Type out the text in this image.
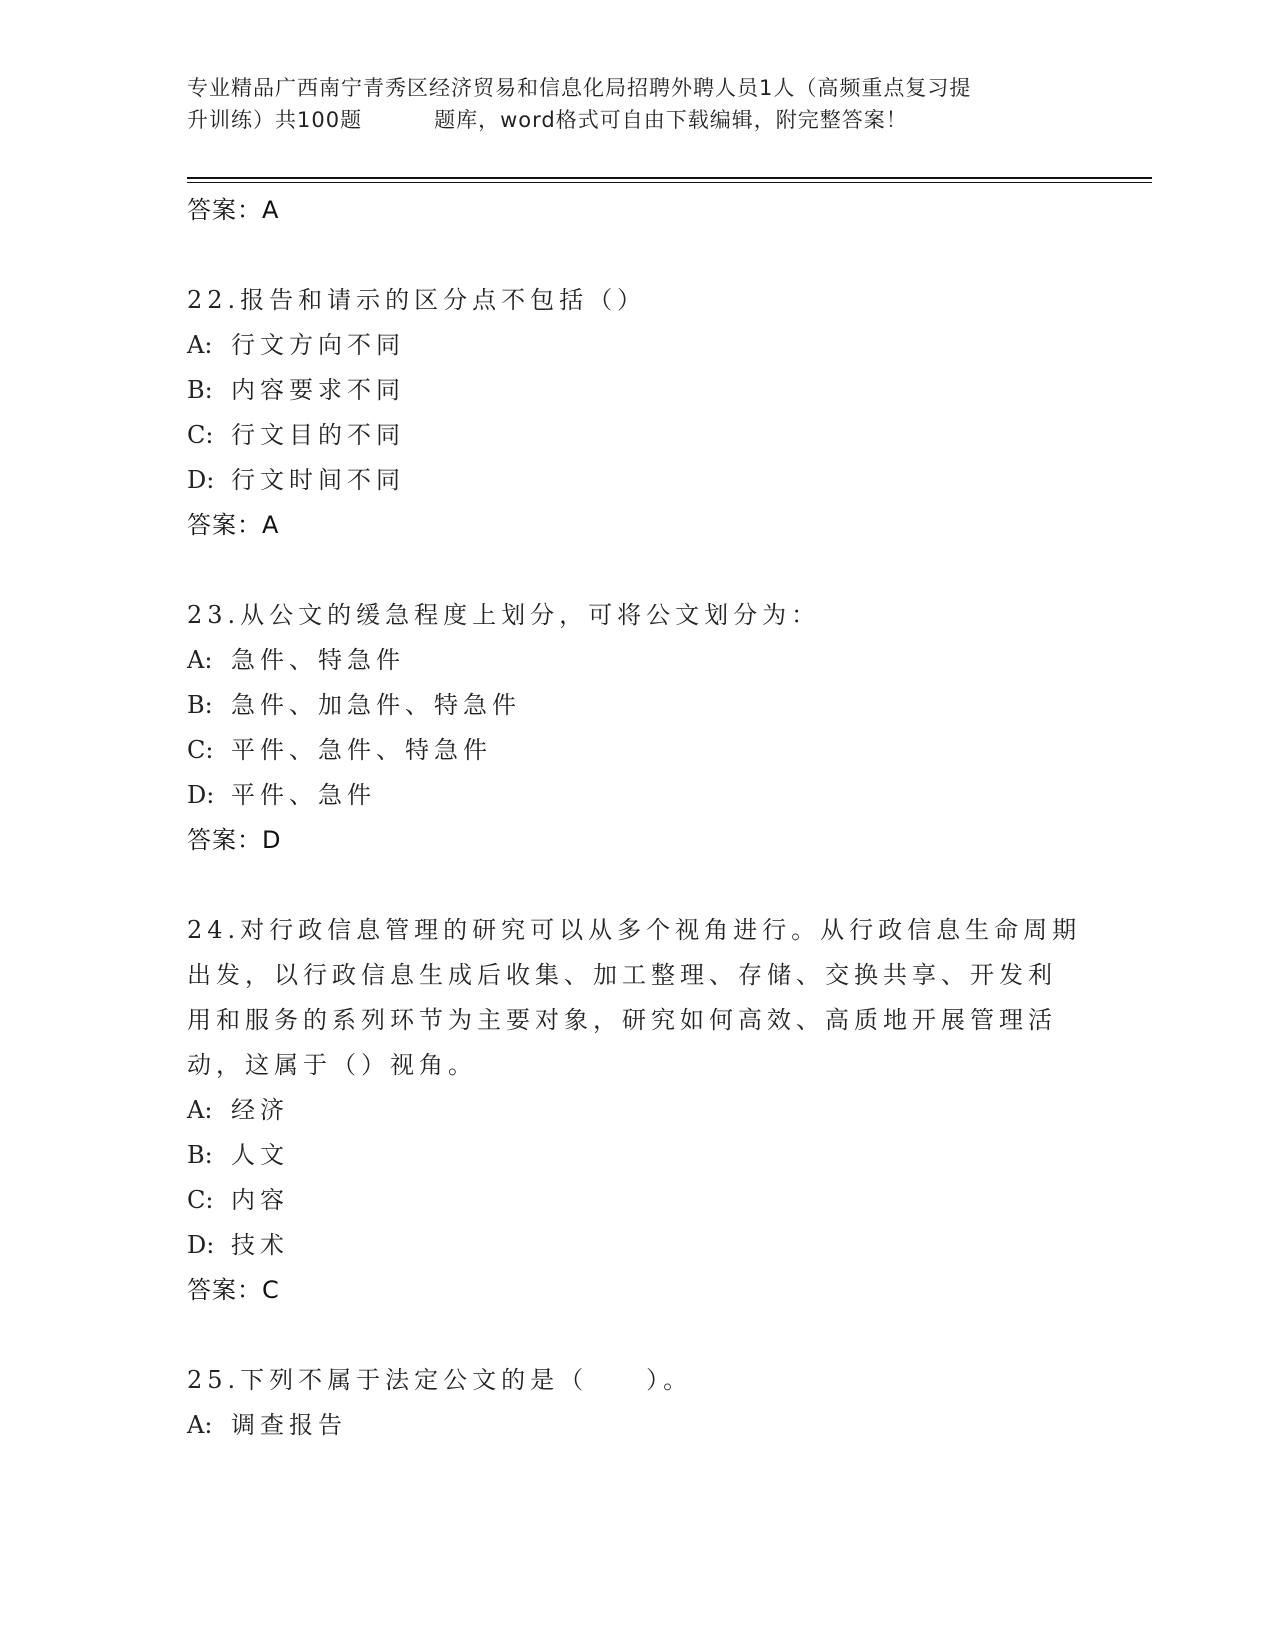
专业精品广西南宁青秀区经济贸易和信息化局招聘外聘人员1人（高频重点复习提
升训练）共100题	题库，word格式可自由下载编辑，附完整答案！
答案：A
22.报告和请示的区分点不包括（）
A: 行文方向不同
B: 内容要求不同
C: 行文目的不同
D: 行文时间不同
答案：A
23.从公文的缓急程度上划分，可将公文划分为：
A: 急件、特急件
B: 急件、加急件、特急件
C: 平件、急件、特急件
D: 平件、急件
答案：D
24.对行政信息管理的研究可以从多个视角进行。从行政信息生命周期
出发，以行政信息生成后收集、加工整理、存储、交换共享、开发利
用和服务的系列环节为主要对象，研究如何高效、高质地开展管理活
动，这属于（）视角。
A: 经济
B: 人文
C: 内容
D: 技术
答案：C
25.下列不属于法定公文的是（　　）。
A: 调查报告
